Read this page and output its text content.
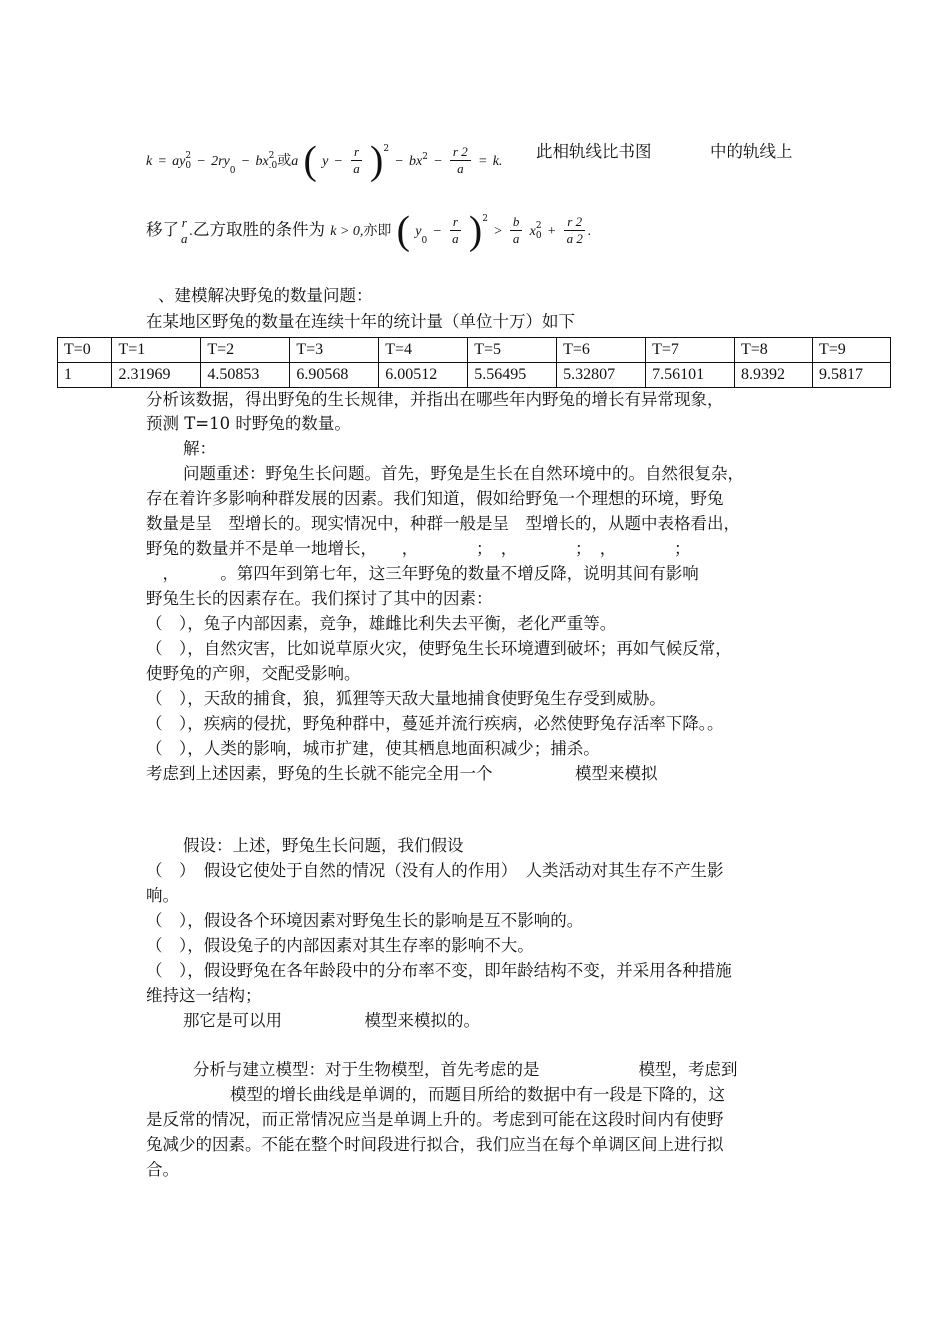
k = ay 2
$0 - 2ry_0$ − bx 2
.0 或a ( $y - \frac{r}{a} )^2 - bx^2 - \frac{r 2}{a} = k$.
此相轨线比书图	中的轨线上
移了 r
a .乙方取胜的条件为 k > 0,亦即 ( $y_0 - \frac{r}{a} )^2 > \frac{b}{a}$ x 2
$0 + \frac{r 2}{a 2}$ .
、建模解决野兔的数量问题：
在某地区野兔的数量在连续十年的统计量（单位十万）如下
T=0	T=1	T=2	T=3	T=4	T=5	T=6	T=7	T=8	T=9
1	2.31969	4.50853	6.90568	6.00512	5.56495	5.32807	7.56101	8.9392	9.5817
分析该数据，得出野兔的生长规律，并指出在哪些年内野兔的增长有异常现象，
预测 T=10 时野兔的数量。
解：
问题重述：野兔生长问题。首先，野兔是生长在自然环境中的。自然很复杂，
存在着许多影响种群发展的因素。我们知道，假如给野兔一个理想的环境，野兔
数量是呈　型增长的。现实情况中，种群一般是呈　型增长的，从题中表格看出，
野兔的数量并不是单一地增长，　　，　　　　；　，　　　　；　，　　　　；
　，　　　。第四年到第七年，这三年野兔的数量不增反降，说明其间有影响
野兔生长的因素存在。我们探讨了其中的因素：
（　），兔子内部因素，竞争，雄雌比利失去平衡，老化严重等。
（　），自然灾害，比如说草原火灾，使野兔生长环境遭到破坏；再如气候反常，
使野兔的产卵，交配受影响。
（　），天敌的捕食，狼，狐狸等天敌大量地捕食使野兔生存受到威胁。
（　），疾病的侵扰，野兔种群中，蔓延并流行疾病，必然使野兔存活率下降。。
（　），人类的影响，城市扩建，使其栖息地面积减少；捕杀。
考虑到上述因素，野兔的生长就不能完全用一个　　　　　模型来模拟
假设：上述，野兔生长问题，我们假设
（　）　假设它使处于自然的情况（没有人的作用）　人类活动对其生存不产生影
响。
（　），假设各个环境因素对野兔生长的影响是互不影响的。
（　），假设兔子的内部因素对其生存率的影响不大。
（　），假设野兔在各年龄段中的分布率不变，即年龄结构不变，并采用各种措施
维持这一结构；
那它是可以用　　　　　模型来模拟的。
分析与建立模型：对于生物模型，首先考虑的是　　　　　　模型，考虑到
模型的增长曲线是单调的，而题目所给的数据中有一段是下降的，这
是反常的情况，而正常情况应当是单调上升的。考虑到可能在这段时间内有使野
兔减少的因素。不能在整个时间段进行拟合，我们应当在每个单调区间上进行拟
合。
